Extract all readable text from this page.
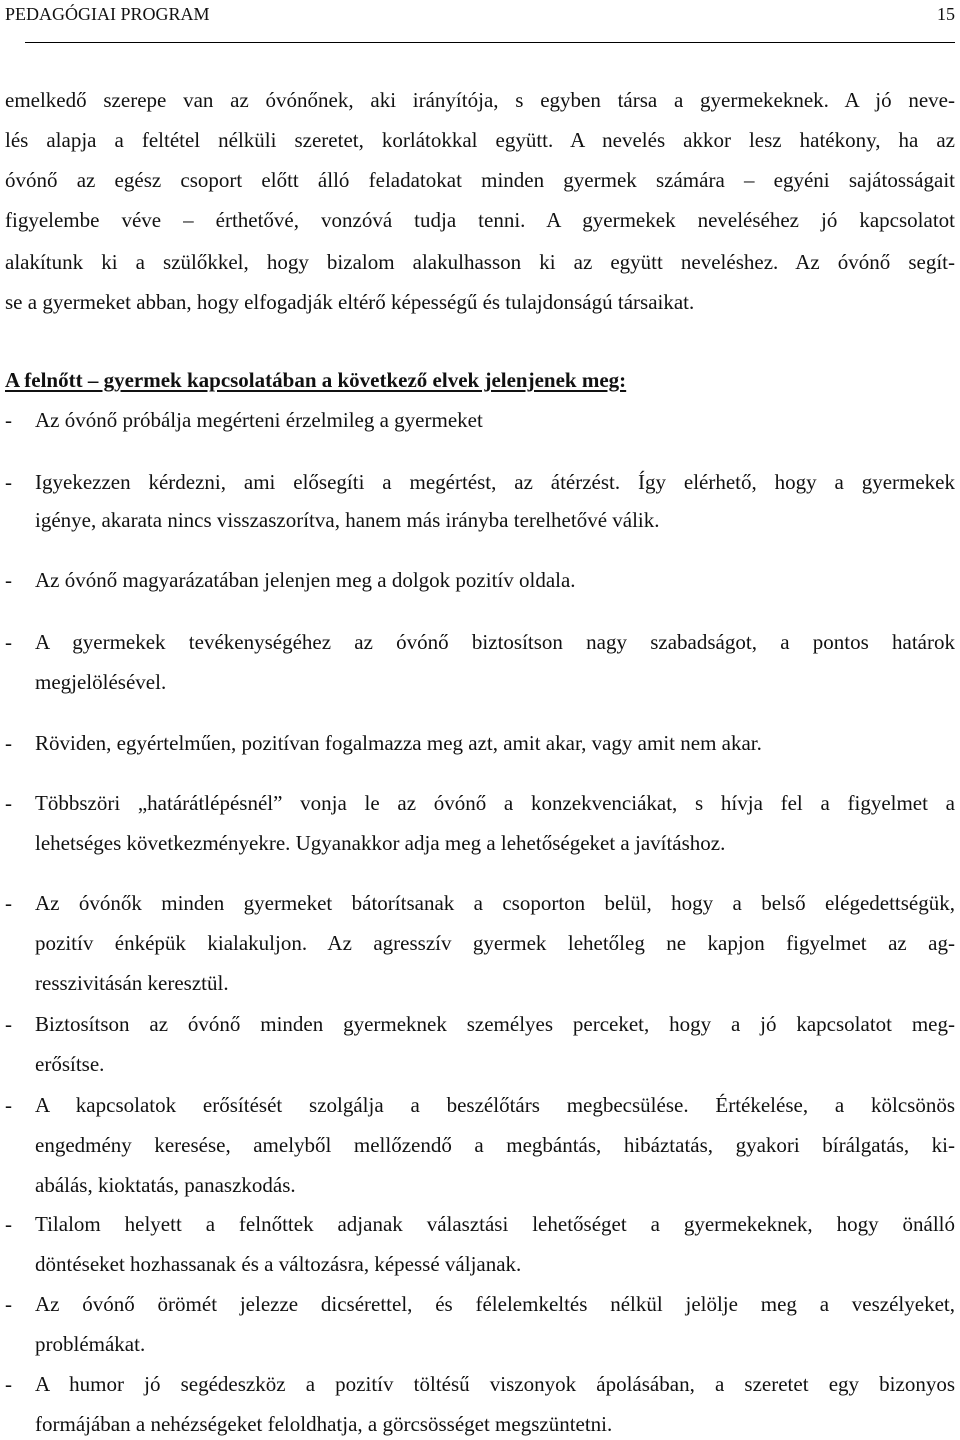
PEDAGÓGIAI PROGRAM	15
emelkedő szerepe van az óvónőnek, aki irányítója, s egyben társa a gyermekeknek. A jó neve-
lés alapja a feltétel nélküli szeretet, korlátokkal együtt. A nevelés akkor lesz hatékony, ha az
óvónő az egész csoport előtt álló feladatokat minden gyermek számára – egyéni sajátosságait
figyelembe véve – érthetővé, vonzóvá tudja tenni. A gyermekek neveléséhez jó kapcsolatot
alakítunk ki a szülőkkel, hogy bizalom alakulhasson ki az együtt neveléshez. Az óvónő segít-
se a gyermeket abban, hogy elfogadják eltérő képességű és tulajdonságú társaikat.
A felnőtt – gyermek kapcsolatában a következő elvek jelenjenek meg:
-	Az óvónő próbálja megérteni érzelmileg a gyermeket
-	Igyekezzen kérdezni, ami elősegíti a megértést, az átérzést. Így elérhető, hogy a gyermekek
igénye, akarata nincs visszaszorítva, hanem más irányba terelhetővé válik.
-	Az óvónő magyarázatában jelenjen meg a dolgok pozitív oldala.
-	A gyermekek tevékenységéhez az óvónő biztosítson nagy szabadságot, a pontos határok
megjelölésével.
-	Röviden, egyértelműen, pozitívan fogalmazza meg azt, amit akar, vagy amit nem akar.
-	Többszöri „határátlépésnél” vonja le az óvónő a konzekvenciákat, s hívja fel a figyelmet a
lehetséges következményekre. Ugyanakkor adja meg a lehetőségeket a javításhoz.
-	Az óvónők minden gyermeket bátorítsanak a csoporton belül, hogy a belső elégedettségük,
pozitív énképük kialakuljon. Az agresszív gyermek lehetőleg ne kapjon figyelmet az ag-
resszivitásán keresztül.
-	Biztosítson az óvónő minden gyermeknek személyes perceket, hogy a jó kapcsolatot meg-
erősítse.
-	A kapcsolatok erősítését szolgálja a beszélőtárs megbecsülése. Értékelése, a kölcsönös
engedmény keresése, amelyből mellőzendő a megbántás, hibáztatás, gyakori bírálgatás, ki-
abálás, kioktatás, panaszkodás.
-	Tilalom helyett a felnőttek adjanak választási lehetőséget a gyermekeknek, hogy önálló
döntéseket hozhassanak és a változásra, képessé váljanak.
-	Az óvónő örömét jelezze dicsérettel, és félelemkeltés nélkül jelölje meg a veszélyeket,
problémákat.
-	A humor jó segédeszköz a pozitív töltésű viszonyok ápolásában, a szeretet egy bizonyos
formájában a nehézségeket feloldhatja, a görcsösséget megszüntetni.
